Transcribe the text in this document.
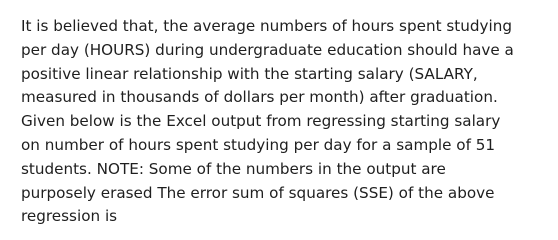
It is believed that, the average numbers of hours spent studying
per day (HOURS) during undergraduate education should have a
positive linear relationship with the starting salary (SALARY,
measured in thousands of dollars per month) after graduation.
Given below is the Excel output from regressing starting salary
on number of hours spent studying per day for a sample of 51
students. NOTE: Some of the numbers in the output are
purposely erased The error sum of squares (SSE) of the above
regression is
